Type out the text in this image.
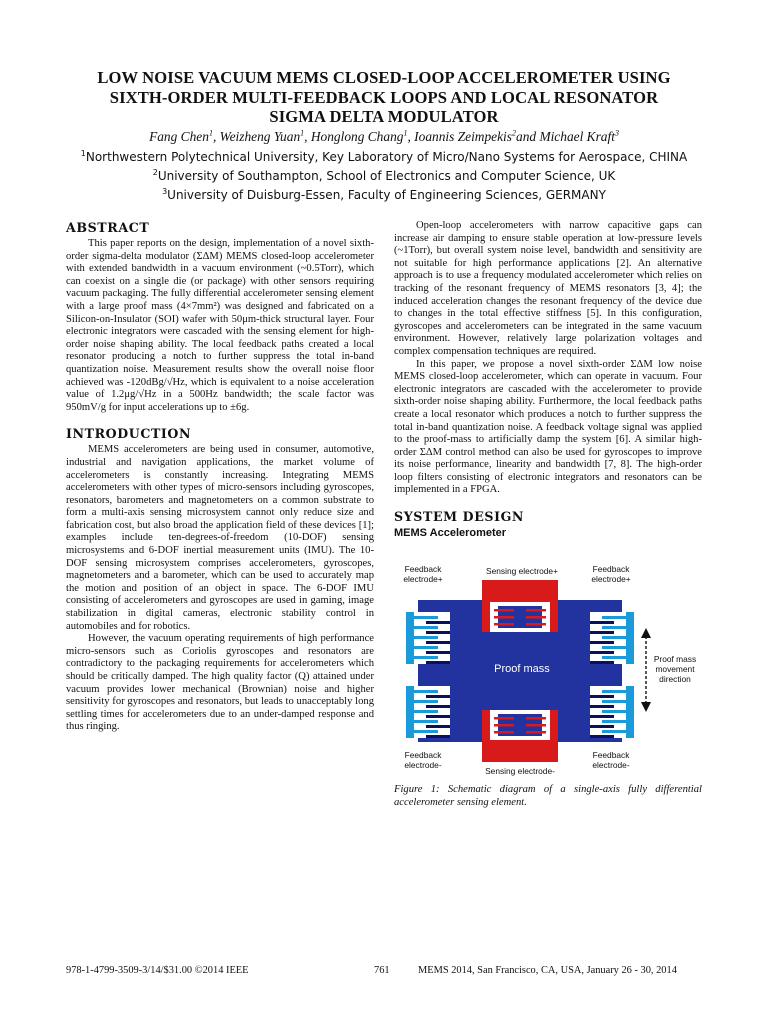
LOW NOISE VACUUM MEMS CLOSED-LOOP ACCELEROMETER USING
SIXTH-ORDER MULTI-FEEDBACK LOOPS AND LOCAL RESONATOR
SIGMA DELTA MODULATOR
Fang Chen$^1$, Weizheng Yuan$^1$, Honglong Chang$^1$, Ioannis Zeimpekis$^2$and Michael Kraft$^3$
$^1$Northwestern Polytechnical University, Key Laboratory of Micro/Nano Systems for Aerospace, CHINA
$^2$University of Southampton, School of Electronics and Computer Science, UK
$^3$University of Duisburg-Essen, Faculty of Engineering Sciences, GERMANY
ABSTRACT

This paper reports on the design, implementation of a novel sixth-order sigma-delta modulator (ΣΔM) MEMS closed-loop accelerometer with extended bandwidth in a vacuum environment (~0.5Torr), which can coexist on a single die (or package) with other sensors requiring vacuum packaging. The fully differential accelerometer sensing element with a large proof mass (4×7mm²) was designed and fabricated on a Silicon-on-Insulator (SOI) wafer with 50μm-thick structural layer. Four electronic integrators were cascaded with the sensing element for high-order noise shaping ability. The local feedback paths created a local resonator producing a notch to further suppress the total in-band quantization noise. Measurement results show the overall noise floor achieved was -120dBg/√Hz, which is equivalent to a noise acceleration value of 1.2μg/√Hz in a 500Hz bandwidth; the scale factor was 950mV/g for input accelerations up to ±6g.

INTRODUCTION

MEMS accelerometers are being used in consumer, automotive, industrial and navigation applications, the market volume of accelerometers is constantly increasing. Integrating MEMS accelerometers with other types of micro-sensors including gyroscopes, resonators, barometers and magnetometers on a common substrate to form a multi-axis sensing microsystem cannot only reduce size and fabrication cost, but also broad the application field of these devices [1]; examples include ten-degrees-of-freedom (10-DOF) sensing microsystems and 6-DOF inertial measurement units (IMU). The 10-DOF sensing microsystem comprises accelerometers, gyroscopes, magnetometers and a barometer, which can be used to accurately map the motion and position of an object in space. The 6-DOF IMU consisting of accelerometers and gyroscopes are used in gaming, image stabilization in digital cameras, electronic stability control in automobiles and for robotics.

However, the vacuum operating requirements of high performance micro-sensors such as Coriolis gyroscopes and resonators are contradictory to the packaging requirements for accelerometers which should be critically damped. The high quality factor (Q) attained under vacuum provides lower mechanical (Brownian) noise and higher sensitivity for gyroscopes and resonators, but leads to unacceptably long settling times for accelerometers due to an under-damped response and thus ringing.

Open-loop accelerometers with narrow capacitive gaps can increase air damping to ensure stable operation at low-pressure levels (~1Torr), but overall system noise level, bandwidth and sensitivity are not suitable for high performance applications [2]. An alternative approach is to use a frequency modulated accelerometer which relies on tracking of the resonant frequency of MEMS resonators [3, 4]; the induced acceleration changes the resonant frequency of the device due to changes in the total effective stiffness [5]. In this configuration, gyroscopes and accelerometers can be integrated in the same vacuum environment. However, relatively large polarization voltages and complex compensation techniques are required.

In this paper, we propose a novel sixth-order ΣΔM low noise MEMS closed-loop accelerometer, which can operate in vacuum. Four electronic integrators are cascaded with the accelerometer to provide sixth-order noise shaping ability. Furthermore, the local feedback paths create a local resonator which produces a notch to further suppress the total in-band quantization noise. A feedback voltage signal was applied to the proof-mass to artificially damp the system [6]. A similar high-order ΣΔM control method can also be used for gyroscopes to improve its noise performance, linearity and bandwidth [7, 8]. The high-order loop filters consisting of electronic integrators and resonators can be implemented in a FPGA.

SYSTEM DESIGN
MEMS Accelerometer
Feedback electrode+
Sensing electrode+	Feedback electrode+
Proof mass
Proof mass movement direction
Feedback electrode-
Sensing electrode-
Feedback electrode-

Figure 1: Schematic diagram of a single-axis fully differential accelerometer sensing element.

978-1-4799-3509-3/14/$31.00 ©2014 IEEE	761	MEMS 2014, San Francisco, CA, USA, January 26 - 30, 2014
